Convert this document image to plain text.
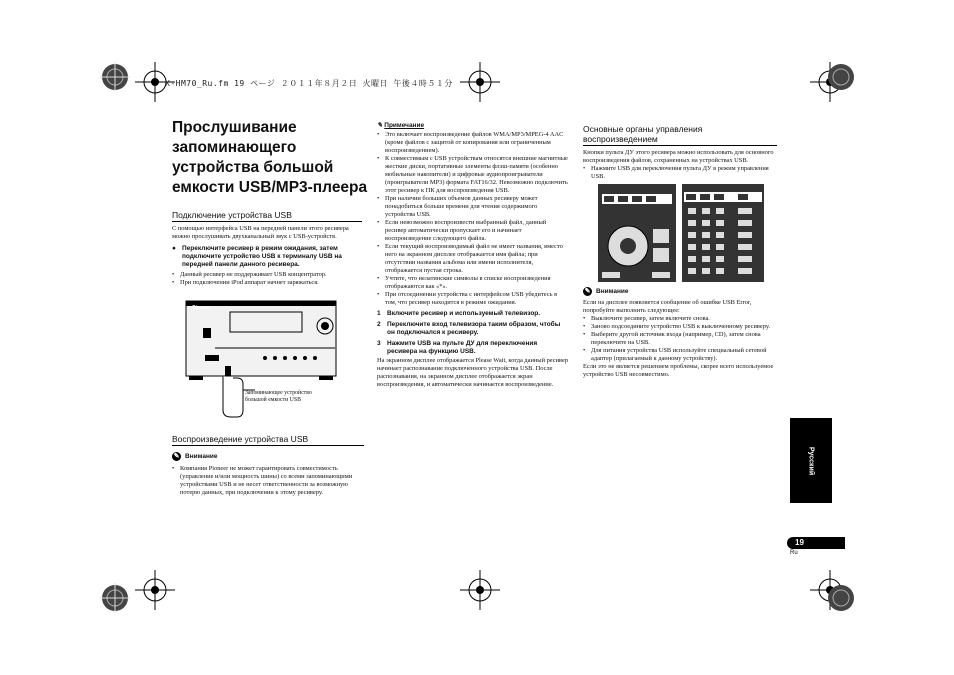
X-HM70_Ru.fm 19 ページ ２０１１年８月２日 火曜日 午後４時５１分
Прослушивание запоминающего устройства большой емкости USB/MP3-плеера
Подключение устройства USB
С помощью интерфейса USB на передней панели этого ресивера можно прослушивать двухканальный звук с USB-устройств.
● Переключите ресивер в режим ожидания, затем подключите устройство USB к терминалу USB на передней панели данного ресивера.
• Данный ресивер не поддерживает USB концентратор.
• При подключении iPod аппарат начнет заряжаться.
Pioneer
Запоминающее устройство большой емкости USB
Воспроизведение устройства USB
✎ Внимание
• Компания Pioneer не может гарантировать совместимость (управление и/или мощность шины) со всеми запоминающими устройствами USB и не несет ответственности за возможную потерю данных, при подключении к этому ресиверу.
✎ Примечание
• Это включает воспроизведение файлов WMA/MP3/MPEG-4 AAC (кроме файлов с защитой от копирования или ограниченным воспроизведением).
• К совместимым с USB устройствам относятся внешние магнитные жесткие диски, портативные элементы флэш-памяти (особенно мобильные накопители) и цифровые аудиопроигрыватели (проигрыватели MP3) формата FAT16/32. Невозможно подключить этот ресивер к ПК для воспроизведения USB.
• При наличии больших объемов данных ресиверу может понадобиться больше времени для чтения содержимого устройства USB.
• Если невозможно воспроизвести выбранный файл, данный ресивер автоматически пропускает его и начинает воспроизведение следующего файла.
• Если текущий воспроизводимый файл не имеет названия, вместо него на экранном дисплее отображается имя файла; при отсутствии названия альбома или имени исполнителя, отображается пустая строка.
• Учтите, что нелатинские символы в списке воспроизведения отображаются как «*».
• При отсоединении устройства с интерфейсом USB убедитесь в том, что ресивер находится в режиме ожидания.
1 Включите ресивер и используемый телевизор.
2 Переключите вход телевизора таким образом, чтобы он подключался к ресиверу.
3 Нажмите USB на пульте ДУ для переключения ресивера на функцию USB.
На экранном дисплее отображается Please Wait, когда данный ресивер начинает распознавание подключенного устройства USB. После распознавания, на экранном дисплее отображается экран воспроизведения, и автоматически начинается воспроизведение.
Основные органы управления воспроизведением
Кнопки пульта ДУ этого ресивера можно использовать для основного воспроизведения файлов, сохраненных на устройствах USB.
• Нажмите USB для переключения пульта ДУ в режим управления USB.
✎ Внимание
Если на дисплее появляется сообщение об ошибке USB Error, попробуйте выполнить следующее:
• Выключите ресивер, затем включите снова.
• Заново подсоедините устройство USB к выключенному ресиверу.
• Выберите другой источник входа (например, CD), затем снова переключите на USB.
• Для питания устройства USB используйте специальный сетевой адаптер (прилагаемый к данному устройству).
Если это не является решением проблемы, скорее всего используемое устройство USB несовместимо.
Русский
19
Ru
